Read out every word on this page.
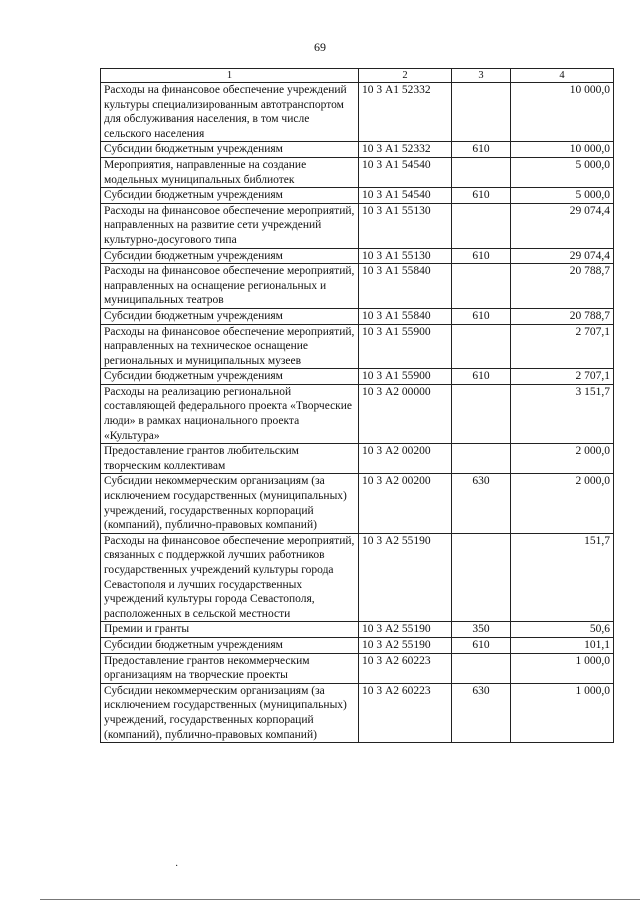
69
1	2	3	4
Расходы на финансовое обеспечение учреждений культуры специализированным автотранспортом для обслуживания населения, в том числе сельского населения	10 3 А1 52332		10 000,0
Субсидии бюджетным учреждениям	10 3 А1 52332	610	10 000,0
Мероприятия, направленные на создание модельных муниципальных библиотек	10 3 А1 54540		5 000,0
Субсидии бюджетным учреждениям	10 3 А1 54540	610	5 000,0
Расходы на финансовое обеспечение мероприятий, направленных на развитие сети учреждений культурно-досугового типа	10 3 А1 55130		29 074,4
Субсидии бюджетным учреждениям	10 3 А1 55130	610	29 074,4
Расходы на финансовое обеспечение мероприятий, направленных на оснащение региональных и муниципальных театров	10 3 А1 55840		20 788,7
Субсидии бюджетным учреждениям	10 3 А1 55840	610	20 788,7
Расходы на финансовое обеспечение мероприятий, направленных на техническое оснащение региональных и муниципальных музеев	10 3 А1 55900		2 707,1
Субсидии бюджетным учреждениям	10 3 А1 55900	610	2 707,1
Расходы на реализацию региональной составляющей федерального проекта «Творческие люди» в рамках национального проекта «Культура»	10 3 А2 00000		3 151,7
Предоставление грантов любительским творческим коллективам	10 3 А2 00200		2 000,0
Субсидии некоммерческим организациям (за исключением государственных (муниципальных) учреждений, государственных корпораций (компаний), публично-правовых компаний)	10 3 А2 00200	630	2 000,0
Расходы на финансовое обеспечение мероприятий, связанных с поддержкой лучших работников государственных учреждений культуры города Севастополя и лучших государственных учреждений культуры города Севастополя, расположенных в сельской местности	10 3 А2 55190		151,7
Премии и гранты	10 3 А2 55190	350	50,6
Субсидии бюджетным учреждениям	10 3 А2 55190	610	101,1
Предоставление грантов некоммерческим организациям на творческие проекты	10 3 А2 60223		1 000,0
Субсидии некоммерческим организациям (за исключением государственных (муниципальных) учреждений, государственных корпораций (компаний), публично-правовых компаний)	10 3 А2 60223	630	1 000,0
·
